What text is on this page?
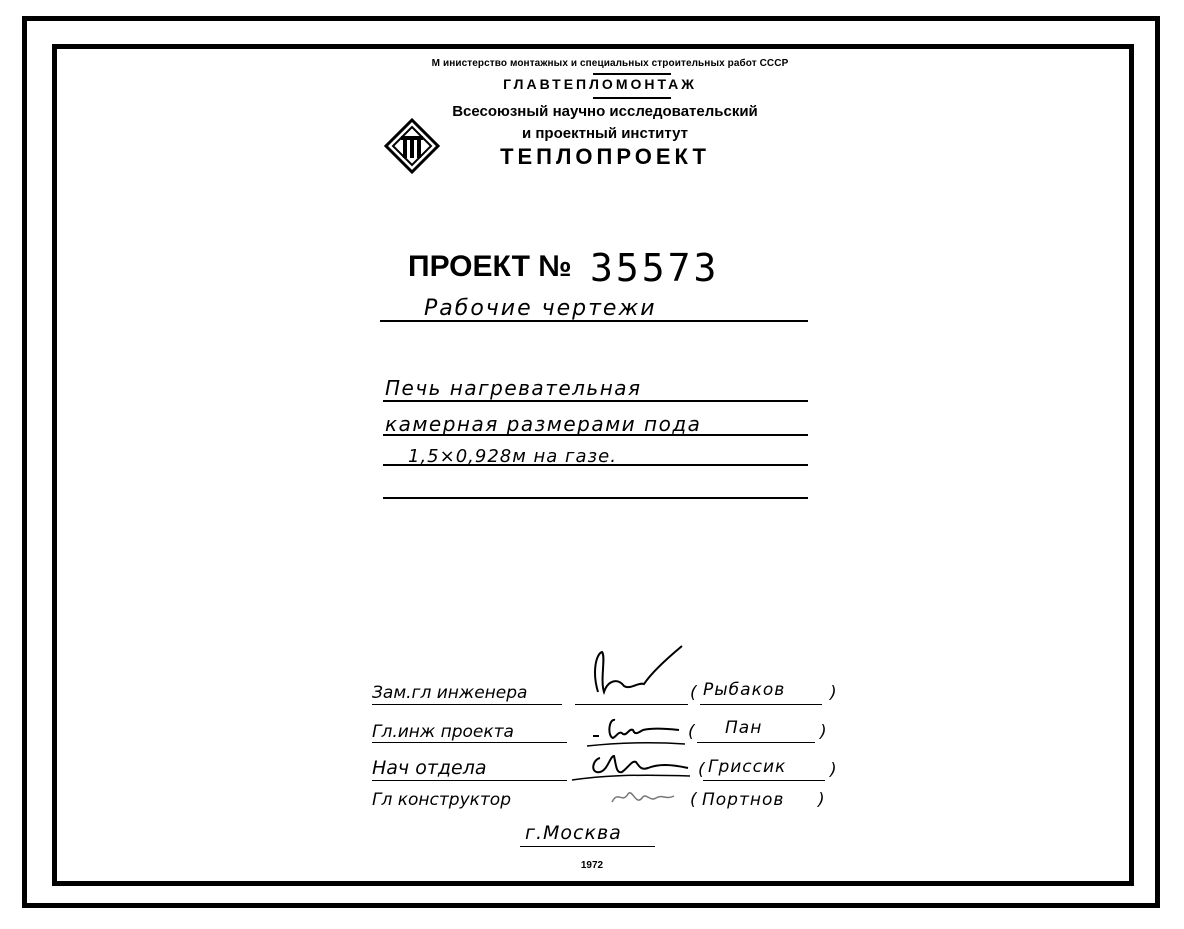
М инистерство монтажных и специальных строительных работ СССР
ГЛАВТЕПЛОМОНТАЖ
Всесоюзный научно исследовательский
и проектный институт
ТЕПЛОПРОЕКТ
ПРОЕКТ № 35573
Рабочие чертежи
Печь нагревательная
камерная размерами пода
1,5×0,928м на газе.
Зам.гл инженера	( Рыбаков	)
Гл.инж проекта	( Пан	)
Нач отдела	( Гриссик	)
Гл конструктор	( Портнов )
г.Москва
1972
